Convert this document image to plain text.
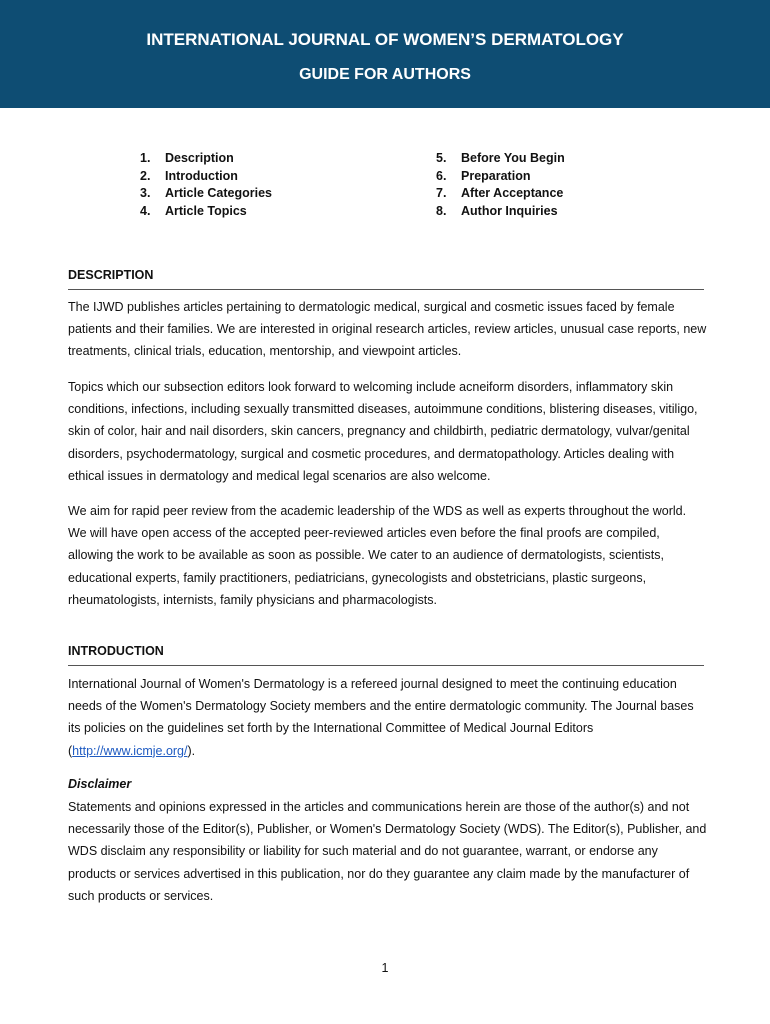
INTERNATIONAL JOURNAL OF WOMEN’S DERMATOLOGY
GUIDE FOR AUTHORS
1.	Description
2.	Introduction
3.	Article Categories
4.	Article Topics
5.	Before You Begin
6.	Preparation
7.	After Acceptance
8.	Author Inquiries
DESCRIPTION

The IJWD publishes articles pertaining to dermatologic medical, surgical and cosmetic issues faced by female patients and their families. We are interested in original research articles, review articles, unusual case reports, new treatments, clinical trials, education, mentorship, and viewpoint articles.

Topics which our subsection editors look forward to welcoming include acneiform disorders, inflammatory skin conditions, infections, including sexually transmitted diseases, autoimmune conditions, blistering diseases, vitiligo, skin of color, hair and nail disorders, skin cancers, pregnancy and childbirth, pediatric dermatology, vulvar/genital disorders, psychodermatology, surgical and cosmetic procedures, and dermatopathology. Articles dealing with ethical issues in dermatology and medical legal scenarios are also welcome.

We aim for rapid peer review from the academic leadership of the WDS as well as experts throughout the world. We will have open access of the accepted peer-reviewed articles even before the final proofs are compiled, allowing the work to be available as soon as possible. We cater to an audience of dermatologists, scientists, educational experts, family practitioners, pediatricians, gynecologists and obstetricians, plastic surgeons, rheumatologists, internists, family physicians and pharmacologists.

INTRODUCTION

International Journal of Women's Dermatology is a refereed journal designed to meet the continuing education needs of the Women's Dermatology Society members and the entire dermatologic community. The Journal bases its policies on the guidelines set forth by the International Committee of Medical Journal Editors (http://www.icmje.org/).

Disclaimer

Statements and opinions expressed in the articles and communications herein are those of the author(s) and not necessarily those of the Editor(s), Publisher, or Women's Dermatology Society (WDS). The Editor(s), Publisher, and WDS disclaim any responsibility or liability for such material and do not guarantee, warrant, or endorse any products or services advertised in this publication, nor do they guarantee any claim made by the manufacturer of such products or services.

1
